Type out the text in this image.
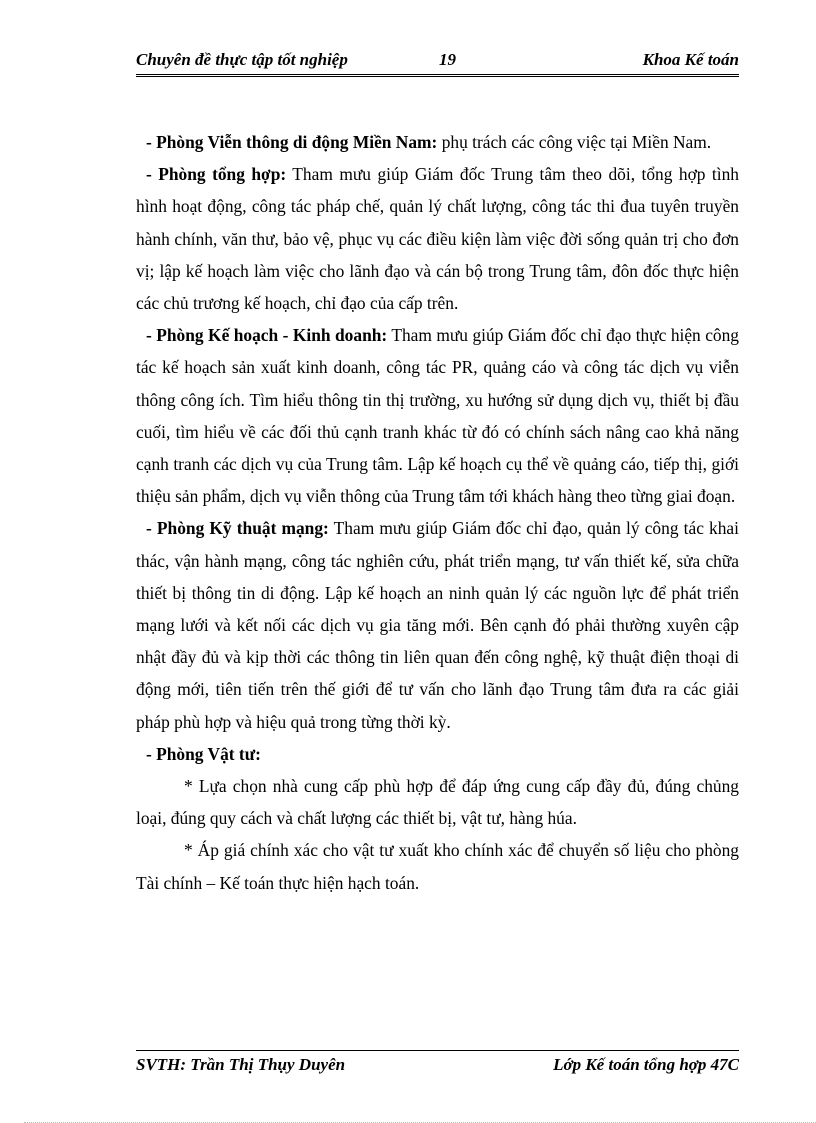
Chuyên đề thực tập tốt nghiệp	19	Khoa Kế toán

- Phòng Viễn thông di động Miền Nam: phụ trách các công việc tại Miền Nam.

- Phòng tổng hợp: Tham mưu giúp Giám đốc Trung tâm theo dõi, tổng hợp tình hình hoạt động, công tác pháp chế, quản lý chất lượng, công tác thi đua tuyên truyền hành chính, văn thư, bảo vệ, phục vụ các điều kiện làm việc đời sống quản trị cho đơn vị; lập kế hoạch làm việc cho lãnh đạo và cán bộ trong Trung tâm, đôn đốc thực hiện các chủ trương kế hoạch, chỉ đạo của cấp trên.

- Phòng Kế hoạch - Kinh doanh: Tham mưu giúp Giám đốc chỉ đạo thực hiện công tác kế hoạch sản xuất kinh doanh, công tác PR, quảng cáo và công tác dịch vụ viễn thông công ích. Tìm hiểu thông tin thị trường, xu hướng sử dụng dịch vụ, thiết bị đầu cuối, tìm hiểu về các đối thủ cạnh tranh khác từ đó có chính sách nâng cao khả năng cạnh tranh các dịch vụ của Trung tâm. Lập kế hoạch cụ thể về quảng cáo, tiếp thị, giới thiệu sản phẩm, dịch vụ viễn thông của Trung tâm tới khách hàng theo từng giai đoạn.

- Phòng Kỹ thuật mạng: Tham mưu giúp Giám đốc chỉ đạo, quản lý công tác khai thác, vận hành mạng, công tác nghiên cứu, phát triển mạng, tư vấn thiết kế, sửa chữa thiết bị thông tin di động. Lập kế hoạch an ninh quản lý các nguồn lực để phát triển mạng lưới và kết nối các dịch vụ gia tăng mới. Bên cạnh đó phải thường xuyên cập nhật đầy đủ và kịp thời các thông tin liên quan đến công nghệ, kỹ thuật điện thoại di động mới, tiên tiến trên thế giới để tư vấn cho lãnh đạo Trung tâm đưa ra các giải pháp phù hợp và hiệu quả trong từng thời kỳ.

- Phòng Vật tư:

* Lựa chọn nhà cung cấp phù hợp để đáp ứng cung cấp đầy đủ, đúng chủng loại, đúng quy cách và chất lượng các thiết bị, vật tư, hàng húa.

* Áp giá chính xác cho vật tư xuất kho chính xác để chuyển số liệu cho phòng Tài chính – Kế toán thực hiện hạch toán.

SVTH: Trần Thị Thụy Duyên	Lớp Kế toán tổng hợp 47C
